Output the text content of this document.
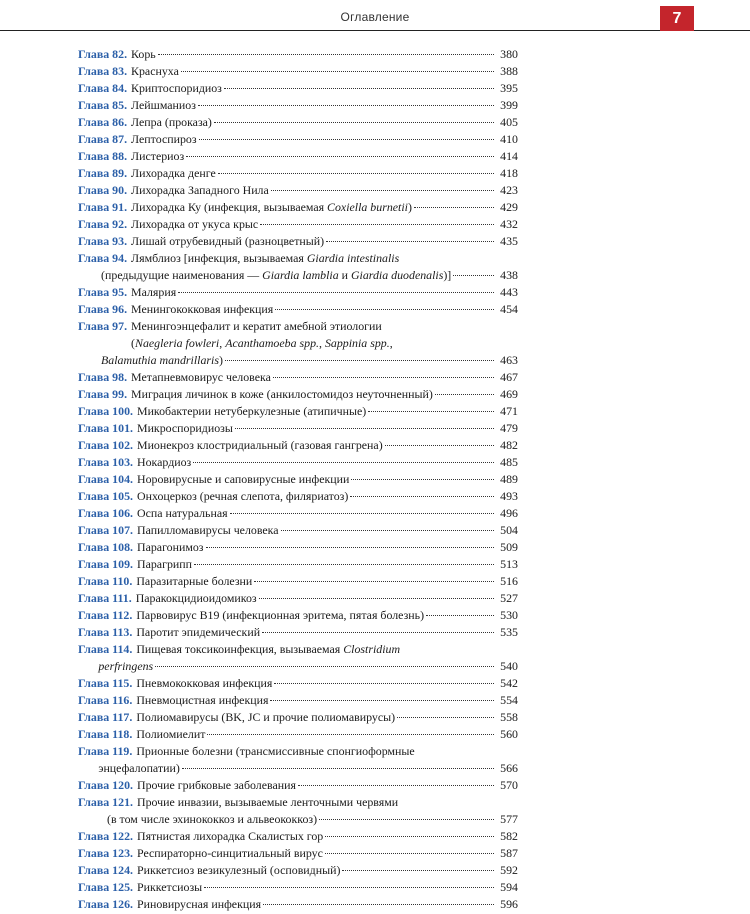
Оглавление	7
Глава 82. Корь	380
Глава 83. Краснуха	388
Глава 84. Криптоспоридиоз	395
Глава 85. Лейшманиоз	399
Глава 86. Лепра (проказа)	405
Глава 87. Лептоспироз	410
Глава 88. Листериоз	414
Глава 89. Лихорадка денге	418
Глава 90. Лихорадка Западного Нила	423
Глава 91. Лихорадка Ку (инфекция, вызываемая Coxiella burnetii)	429
Глава 92. Лихорадка от укуса крыс	432
Глава 93. Лишай отрубевидный (разноцветный)	435
Глава 94. Лямблиоз [инфекция, вызываемая Giardia intestinalis
(предыдущие наименования — Giardia lamblia и Giardia duodenalis)]	438
Глава 95. Малярия	443
Глава 96. Менингококковая инфекция	454
Глава 97. Менингоэнцефалит и кератит амебной этиологии
(Naegleria fowleri, Acanthamoeba spp., Sappinia spp.,
Balamuthia mandrillaris)	463
Глава 98. Метапневмовирус человека	467
Глава 99. Миграция личинок в коже (анкилостомидоз неуточненный)	469
Глава 100. Микобактерии нетуберкулезные (атипичные)	471
Глава 101. Микроспоридиозы	479
Глава 102. Мионекроз клостридиальный (газовая гангрена)	482
Глава 103. Нокардиоз	485
Глава 104. Норовирусные и саповирусные инфекции	489
Глава 105. Онхоцеркоз (речная слепота, филяриатоз)	493
Глава 106. Оспа натуральная	496
Глава 107. Папилломавирусы человека	504
Глава 108. Парагонимоз	509
Глава 109. Парагрипп	513
Глава 110. Паразитарные болезни	516
Глава 111. Паракокцидиоидомикоз	527
Глава 112. Парвовирус В19 (инфекционная эритема, пятая болезнь)	530
Глава 113. Паротит эпидемический	535
Глава 114. Пищевая токсикоинфекция, вызываемая Clostridium
perfringens	540
Глава 115. Пневмококковая инфекция	542
Глава 116. Пневмоцистная инфекция	554
Глава 117. Полиомавирусы (BK, JC и прочие полиомавирусы)	558
Глава 118. Полиомиелит	560
Глава 119. Прионные болезни (трансмиссивные спонгиоформные
энцефалопатии)	566
Глава 120. Прочие грибковые заболевания	570
Глава 121. Прочие инвазии, вызываемые ленточными червями
(в том числе эхинококкоз и альвеококкоз)	577
Глава 122. Пятнистая лихорадка Скалистых гор	582
Глава 123. Респираторно-синцитиальный вирус	587
Глава 124. Риккетсиоз везикулезный (осповидный)	592
Глава 125. Риккетсиозы	594
Глава 126. Риновирусная инфекция	596
